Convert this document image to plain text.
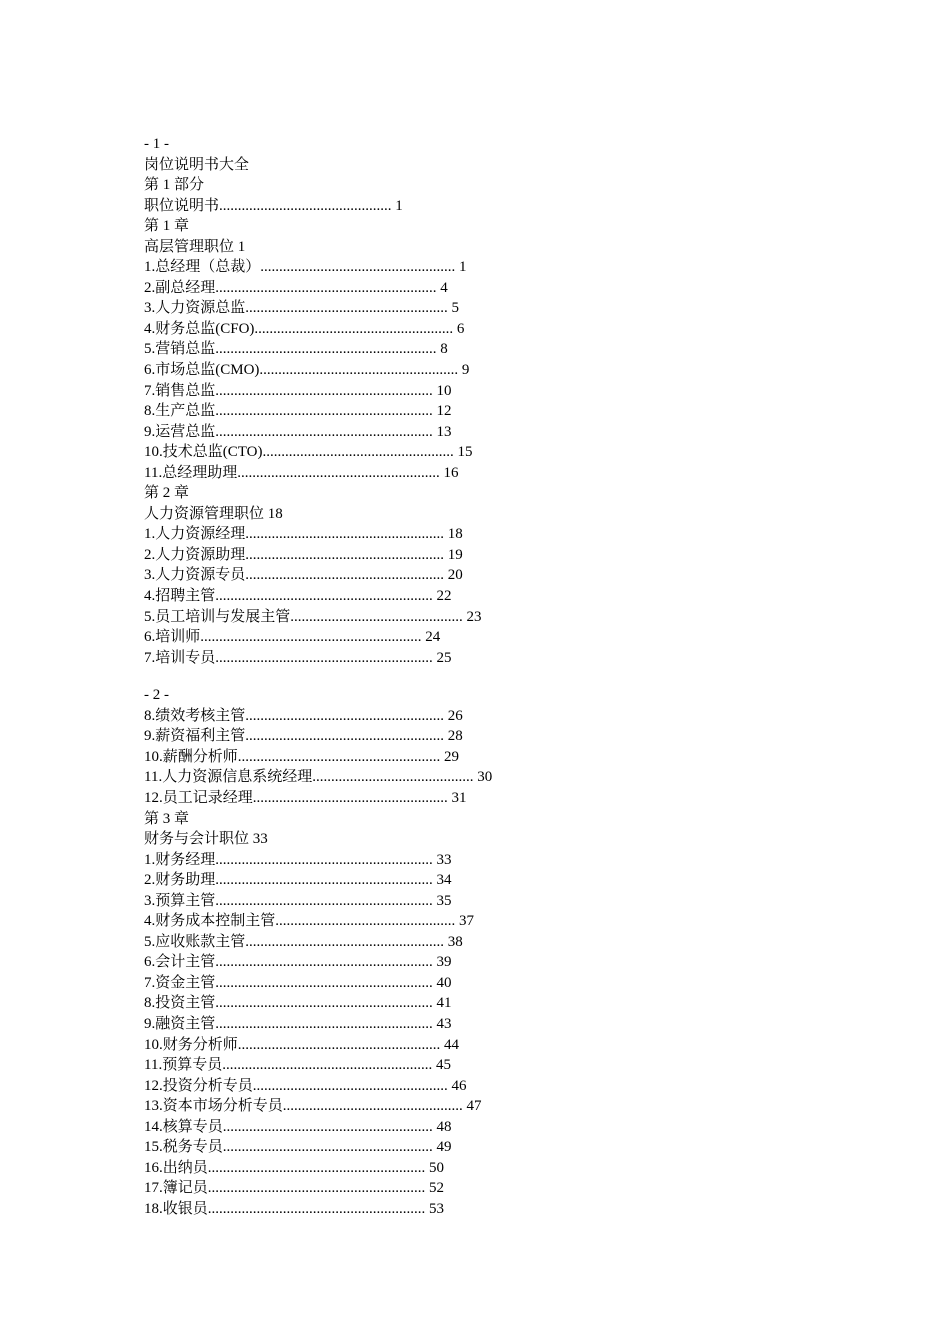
- 1 -
岗位说明书大全
第 1 部分
职位说明书.............................................. 1
第 1 章
高层管理职位 1
1.总经理（总裁）.................................................... 1
2.副总经理........................................................... 4
3.人力资源总监...................................................... 5
4.财务总监(CFO)..................................................... 6
5.营销总监........................................................... 8
6.市场总监(CMO)..................................................... 9
7.销售总监.......................................................... 10
8.生产总监.......................................................... 12
9.运营总监.......................................................... 13
10.技术总监(CTO)................................................... 15
11.总经理助理...................................................... 16
第 2 章
人力资源管理职位 18
1.人力资源经理..................................................... 18
2.人力资源助理..................................................... 19
3.人力资源专员..................................................... 20
4.招聘主管.......................................................... 22
5.员工培训与发展主管.............................................. 23
6.培训师........................................................... 24
7.培训专员.......................................................... 25
- 2 -
8.绩效考核主管..................................................... 26
9.薪资福利主管..................................................... 28
10.薪酬分析师...................................................... 29
11.人力资源信息系统经理........................................... 30
12.员工记录经理.................................................... 31
第 3 章
财务与会计职位 33
1.财务经理.......................................................... 33
2.财务助理.......................................................... 34
3.预算主管.......................................................... 35
4.财务成本控制主管................................................ 37
5.应收账款主管..................................................... 38
6.会计主管.......................................................... 39
7.资金主管.......................................................... 40
8.投资主管.......................................................... 41
9.融资主管.......................................................... 43
10.财务分析师...................................................... 44
11.预算专员........................................................ 45
12.投资分析专员.................................................... 46
13.资本市场分析专员................................................ 47
14.核算专员........................................................ 48
15.税务专员........................................................ 49
16.出纳员.......................................................... 50
17.簿记员.......................................................... 52
18.收银员.......................................................... 53
